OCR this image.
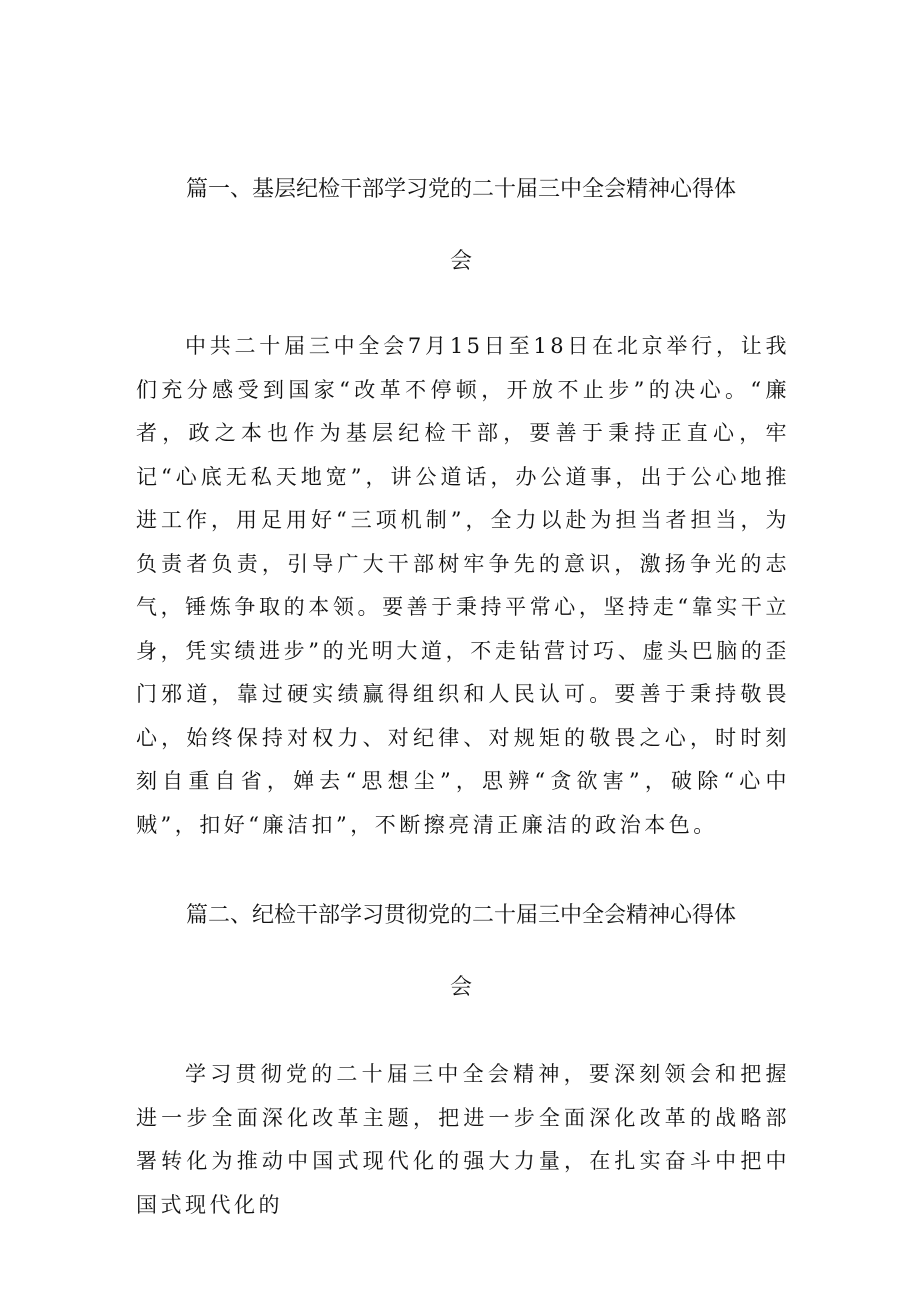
篇一、基层纪检干部学习党的二十届三中全会精神心得体
会

中共二十届三中全会7月15日至18日在北京举行，让我们充分感受到国家“改革不停顿，开放不止步”的决心。“廉者，政之本也作为基层纪检干部，要善于秉持正直心，牢记“心底无私天地宽”，讲公道话，办公道事，出于公心地推进工作，用足用好“三项机制”，全力以赴为担当者担当，为负责者负责，引导广大干部树牢争先的意识，激扬争光的志气，锤炼争取的本领。要善于秉持平常心，坚持走“靠实干立身，凭实绩进步”的光明大道，不走钻营讨巧、虚头巴脑的歪门邪道，靠过硬实绩赢得组织和人民认可。要善于秉持敬畏心，始终保持对权力、对纪律、对规矩的敬畏之心，时时刻刻自重自省，婵去“思想尘”，思辨“贪欲害”，破除“心中贼”，扣好“廉洁扣”，不断擦亮清正廉洁的政治本色。

篇二、纪检干部学习贯彻党的二十届三中全会精神心得体
会

学习贯彻党的二十届三中全会精神，要深刻领会和把握进一步全面深化改革主题，把进一步全面深化改革的战略部署转化为推动中国式现代化的强大力量，在扎实奋斗中把中国式现代化的
